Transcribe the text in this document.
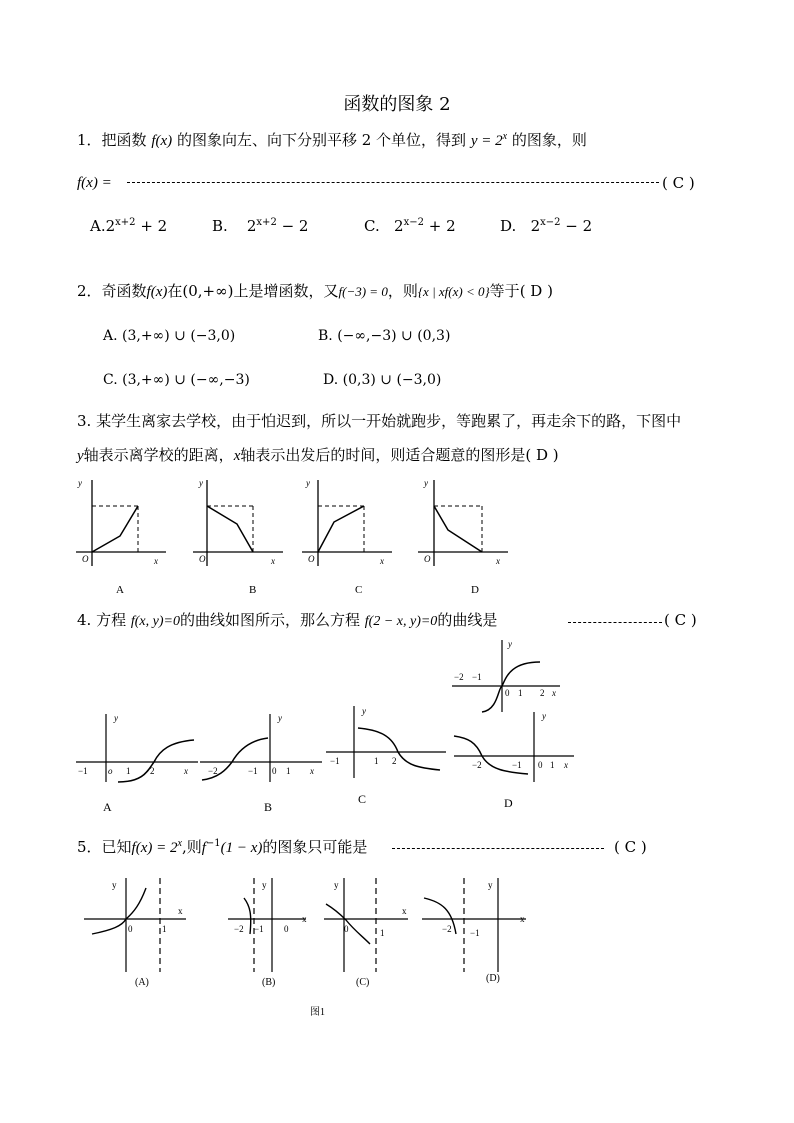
函数的图象 2
1．把函数 f(x) 的图象向左、向下分别平移 2 个单位，得到 $y = 2^x$ 的图象，则
f(x) =	( C )
$A.2^{x+2} + 2$	B. $2^{x+2} - 2$	C. $2^{x-2} + 2$	D. $2^{x-2} - 2$
2．奇函数f(x)在(0,+∞)上是增函数，又f(−3) = 0，则{x | xf(x) < 0}等于( D )
A. (3,+∞) ∪ (−3,0)	B. (−∞,−3) ∪ (0,3)
C. (3,+∞) ∪ (−∞,−3)	D. (0,3) ∪ (−3,0)
3. 某学生离家去学校，由于怕迟到，所以一开始就跑步，等跑累了，再走余下的路，下图中
y轴表示离学校的距离，x轴表示出发后的时间，则适合题意的图形是( D )
y
x
O
A
y
x
O
B
y
x
O
C
y
x
O
D
4. 方程 f(x, y)=0的曲线如图所示，那么方程 f(2 − x, y)=0的曲线是	( C )
y
−2 −1
0 1 2 x
y
−1 o 1 2	x
A
y
−2	−1 0 1 x
B
y
−1	1 2
C
y
−2	−1 0 1 x
D
5．已知$f(x) = 2^x$,则$f^{-1}(1 - x)$的图象只可能是	( C )
y
x
0	1
(A)
y
x
−2 −1 0
(B)
y
x
0	1
(C)
y
x
−2 −1
(D)
图1
